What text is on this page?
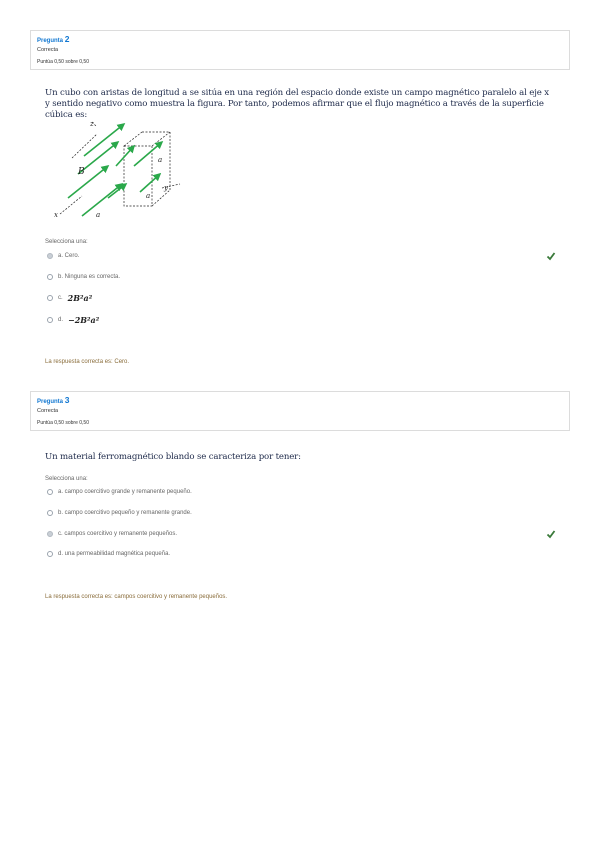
Pregunta 2
Correcta
Puntúa 0,50 sobre 0,50
Un cubo con aristas de longitud a se sitúa en una región del espacio donde existe un campo magnético paralelo al eje x y sentido negativo como muestra la figura. Por tanto, podemos afirmar que el flujo magnético a través de la superficie cúbica es:
B
a
a
a
x
y
z
Selecciona una:
a. Cero.
b. Ninguna es correcta.
c. 2B²a²
d. −2B²a²
La respuesta correcta es: Cero.
Pregunta 3
Correcta
Puntúa 0,50 sobre 0,50
Un material ferromagnético blando se caracteriza por tener:
Selecciona una:
a. campo coercitivo grande y remanente pequeño.
b. campo coercitivo pequeño y remanente grande.
c. campos coercitivo y remanente pequeños.
d. una permeabilidad magnética pequeña.
La respuesta correcta es: campos coercitivo y remanente pequeños.
